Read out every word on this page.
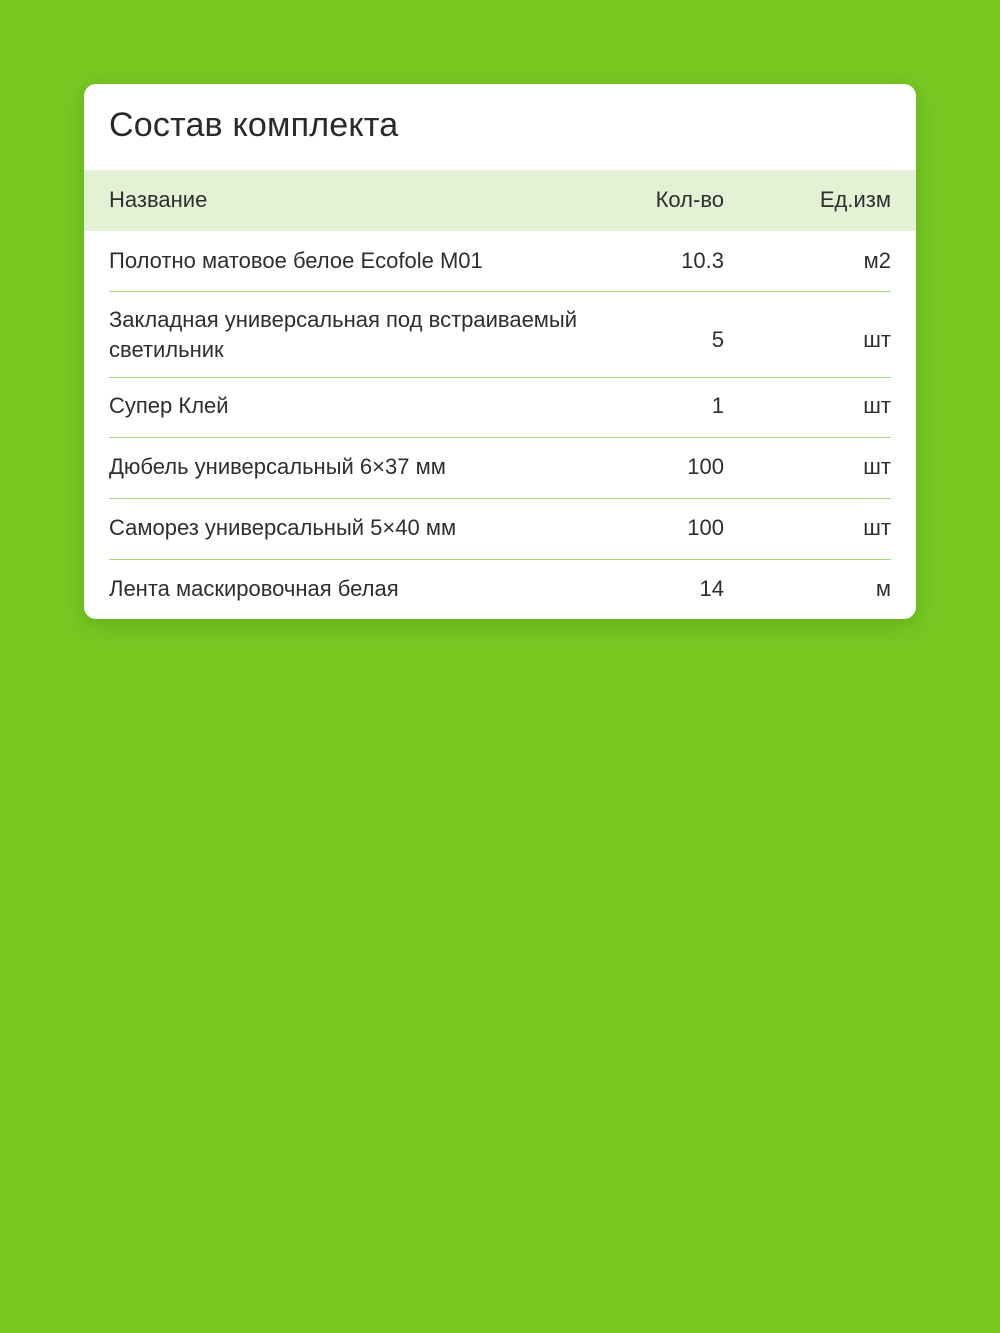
Состав комплекта
Название	Кол-во	Ед.изм
Полотно матовое белое Ecofole M01	10.3	м2
Закладная универсальная под встраиваемый светильник	5	шт
Супер Клей	1	шт
Дюбель универсальный 6×37 мм	100	шт
Саморез универсальный 5×40 мм	100	шт
Лента маскировочная белая	14	м
